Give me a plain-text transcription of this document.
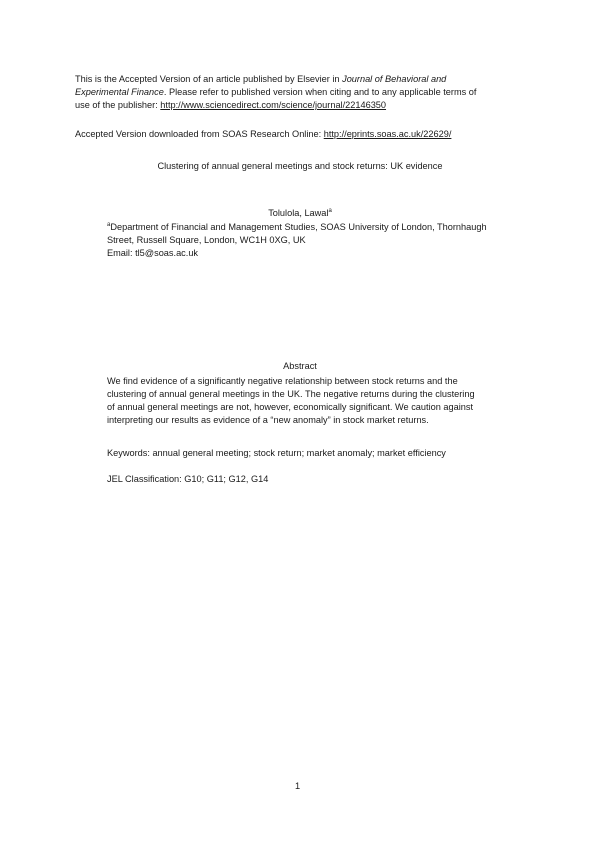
This is the Accepted Version of an article published by Elsevier in Journal of Behavioral and
Experimental Finance. Please refer to published version when citing and to any applicable terms of
use of the publisher: http://www.sciencedirect.com/science/journal/22146350
Accepted Version downloaded from SOAS Research Online: http://eprints.soas.ac.uk/22629/
Clustering of annual general meetings and stock returns: UK evidence
Tolulola, Lawal$^a$
$^a$Department of Financial and Management Studies, SOAS University of London, Thornhaugh
Street, Russell Square, London, WC1H 0XG, UK
Email: tl5@soas.ac.uk
Abstract
We find evidence of a significantly negative relationship between stock returns and the
clustering of annual general meetings in the UK. The negative returns during the clustering
of annual general meetings are not, however, economically significant. We caution against
interpreting our results as evidence of a “new anomaly” in stock market returns.
Keywords: annual general meeting; stock return; market anomaly; market efficiency
JEL Classification: G10; G11; G12, G14
1
